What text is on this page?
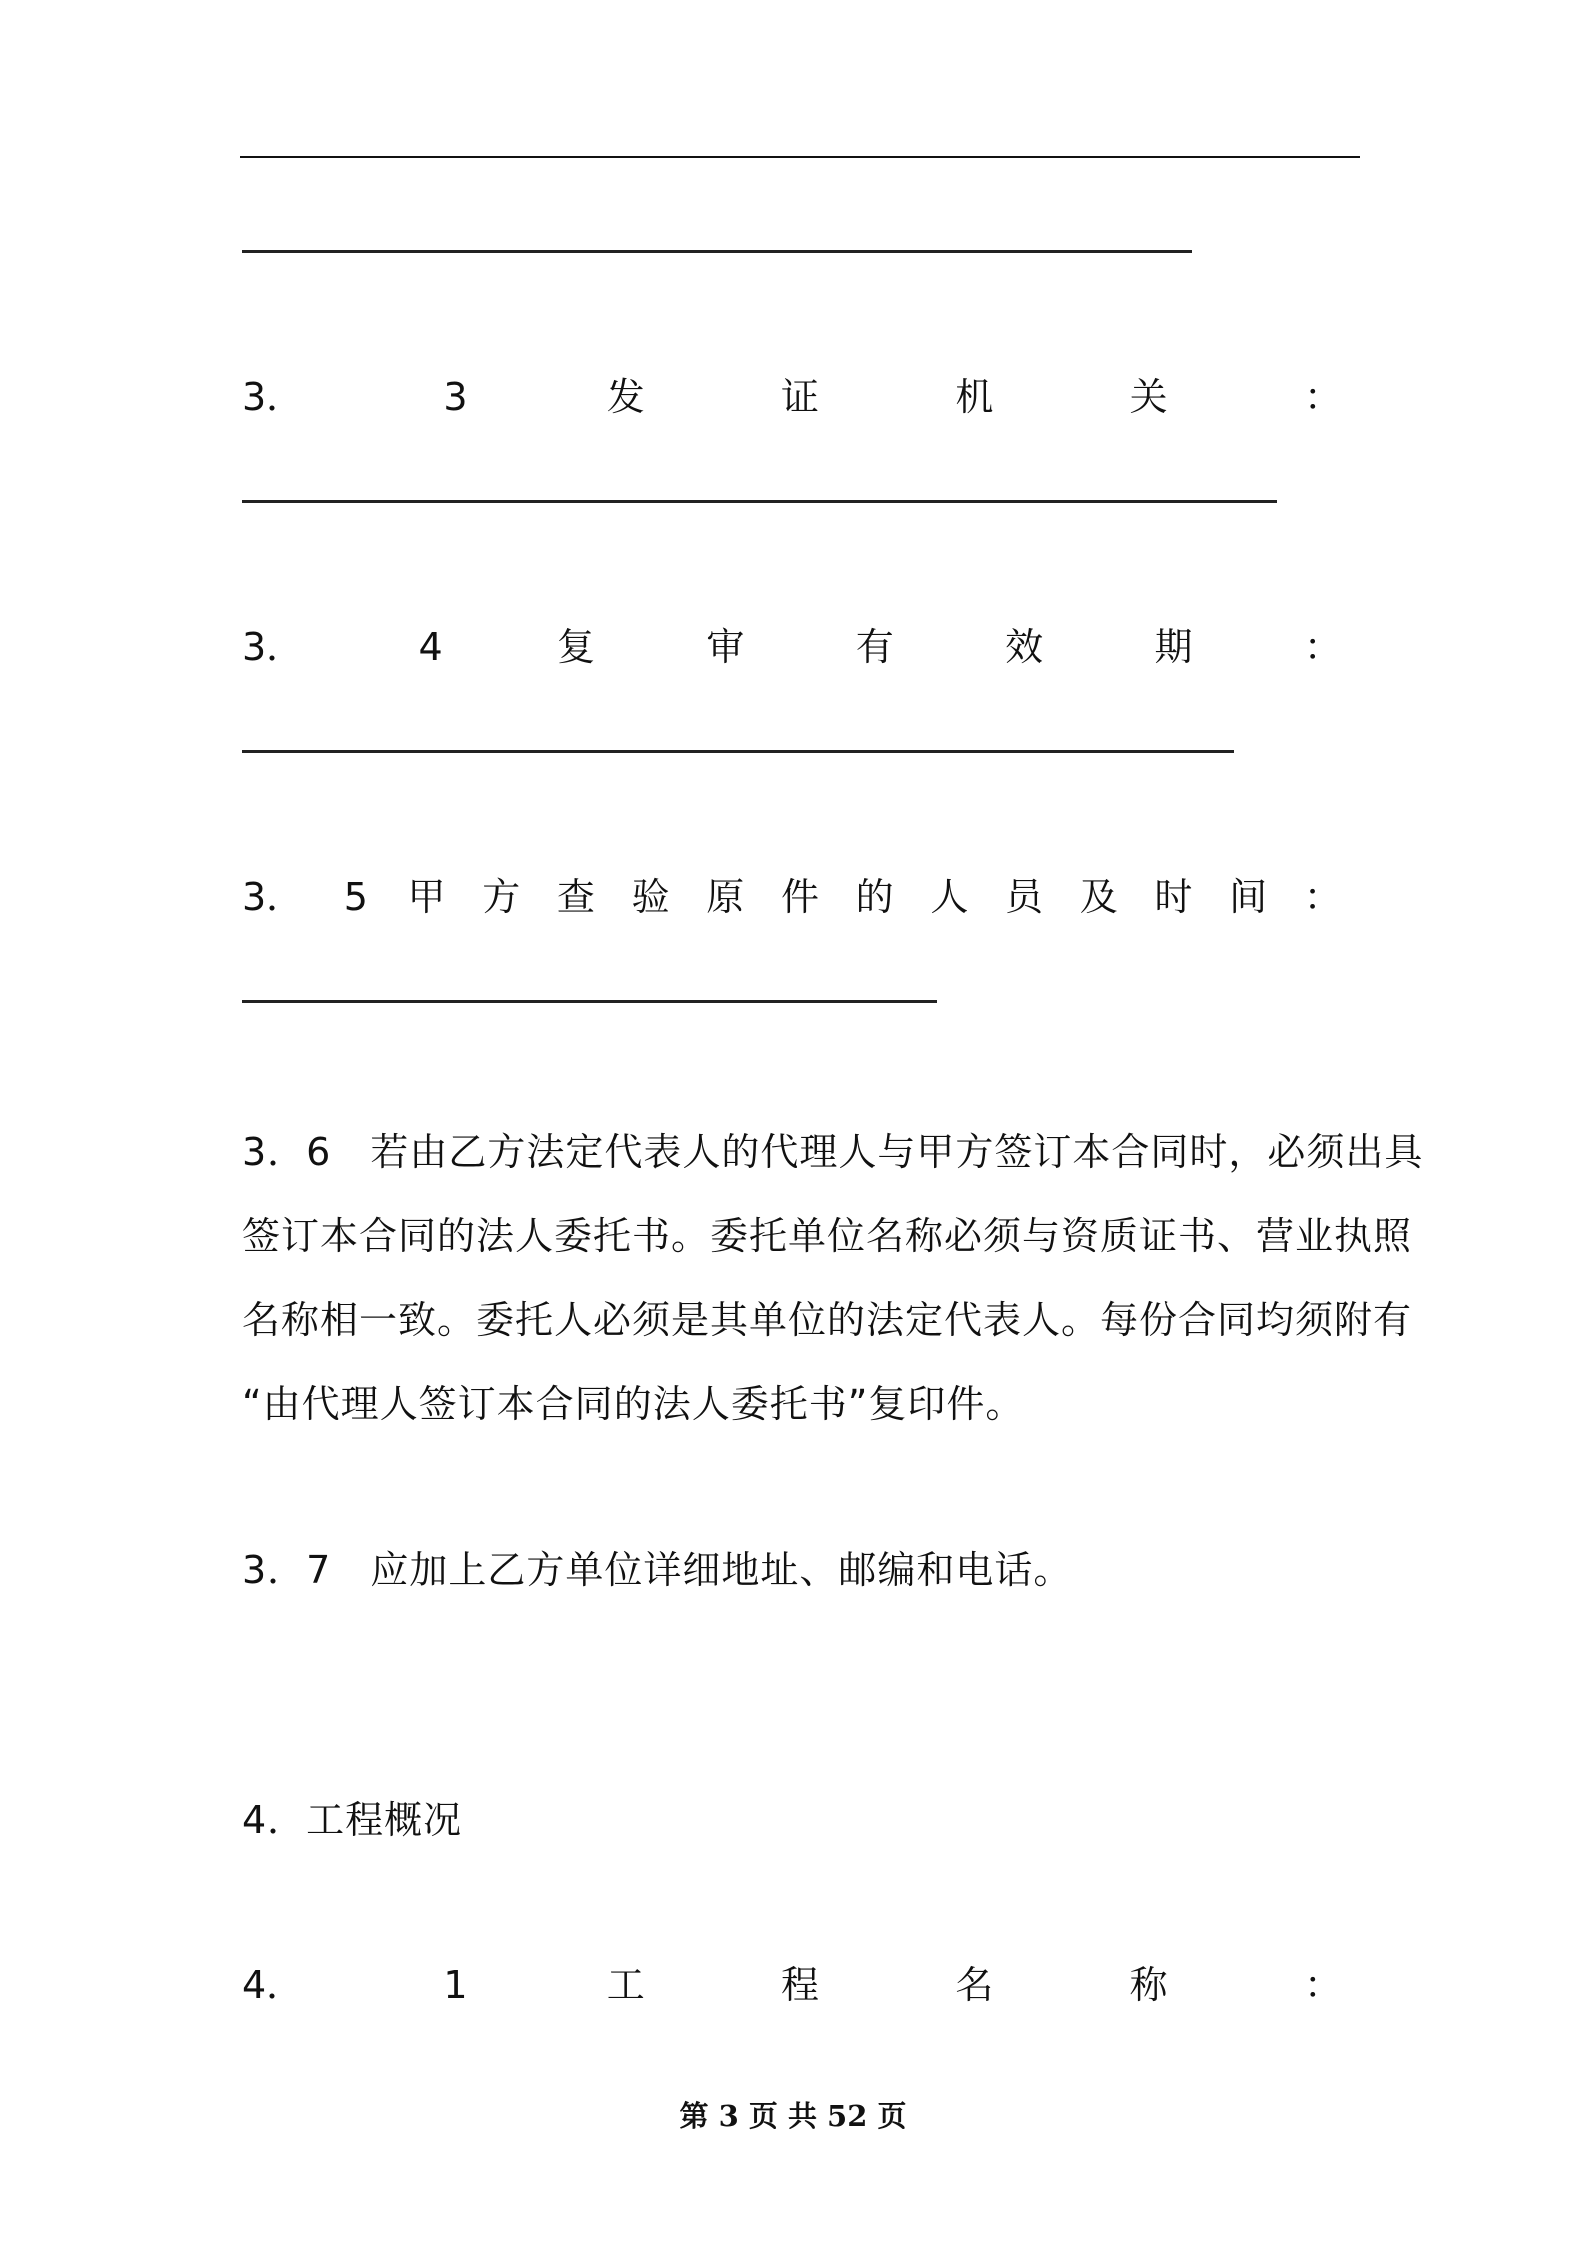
3．	3	发	证	机	关	：
3．	4	复	审	有	效	期	：
3． 5 甲 方 查 验 原 件 的 人 员 及 时 间 ：
3．6　若由乙方法定代表人的代理人与甲方签订本合同时，必须出具
签订本合同的法人委托书。委托单位名称必须与资质证书、营业执照
名称相一致。委托人必须是其单位的法定代表人。每份合同均须附有
“由代理人签订本合同的法人委托书”复印件。
3．7　应加上乙方单位详细地址、邮编和电话。
4．工程概况
4．	1	工	程	名	称	：
第 3 页 共 52 页
